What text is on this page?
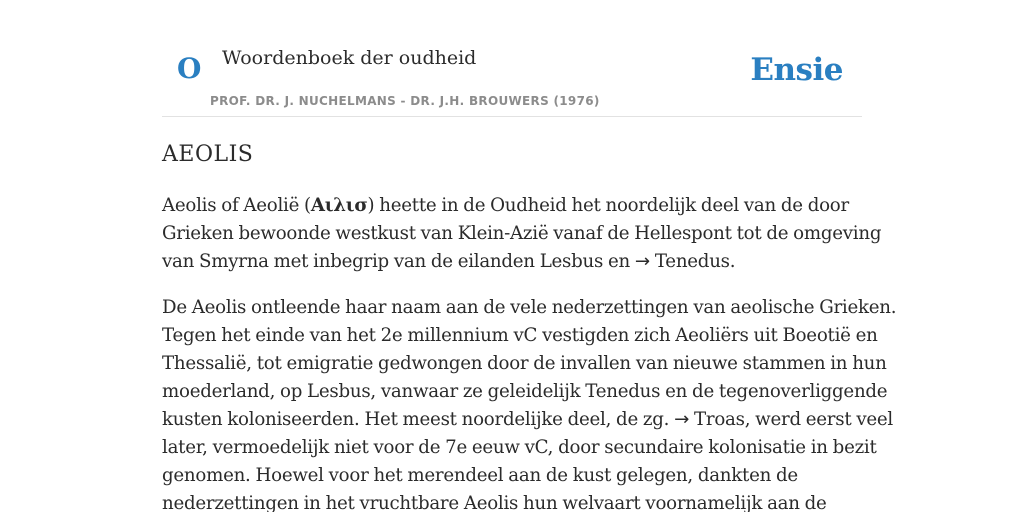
O Woordenboek der oudheid
PROF. DR. J. NUCHELMANS - DR. J.H. BROUWERS (1976)
Ensie
AEOLIS

Aeolis of Aeolië (Αιλισ) heette in de Oudheid het noordelijk deel van de door
Grieken bewoonde westkust van Klein-Azië vanaf de Hellespont tot de omgeving
van Smyrna met inbegrip van de eilanden Lesbus en → Tenedus.

De Aeolis ontleende haar naam aan de vele nederzettingen van aeolische Grieken.
Tegen het einde van het 2e millennium vC vestigden zich Aeoliërs uit Boeotië en
Thessalië, tot emigratie gedwongen door de invallen van nieuwe stammen in hun
moederland, op Lesbus, vanwaar ze geleidelijk Tenedus en de tegenoverliggende
kusten koloniseerden. Het meest noordelijke deel, de zg. → Troas, werd eerst veel
later, vermoedelijk niet voor de 7e eeuw vC, door secundaire kolonisatie in bezit
genomen. Hoewel voor het merendeel aan de kust gelegen, dankten de
nederzettingen in het vruchtbare Aeolis hun welvaart voornamelijk aan de
